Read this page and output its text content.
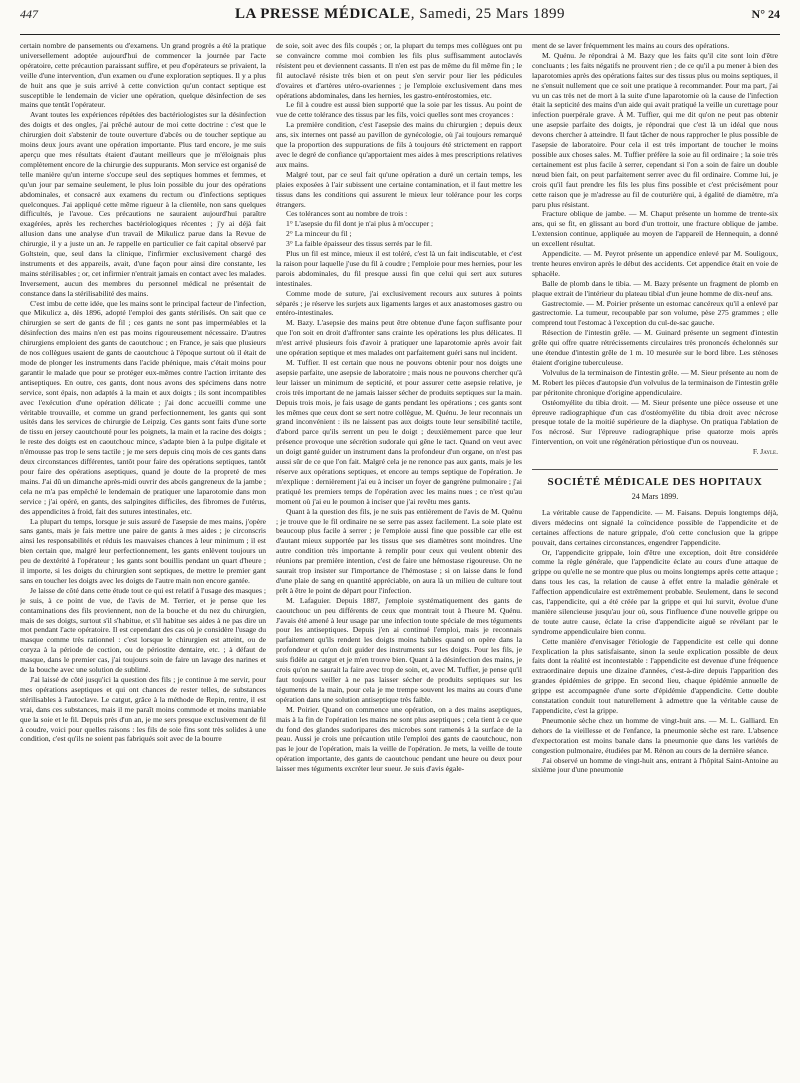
447	LA PRESSE MÉDICALE, Samedi, 25 Mars 1899	N° 24

certain nombre de pansements ou d'examens. Un grand progrès a été la pratique universellement adoptée aujourd'hui de commencer la journée par l'acte opératoire, cette précaution paraissant suffire, et peu d'opérateurs se privaient, la veille d'une intervention, d'un examen ou d'une exploration septiques. Il y a plus de huit ans que je suis arrivé à cette conviction qu'un contact septique est susceptible le lendemain de vicier une opération, quelque désinfection de ses mains que tentât l'opérateur.

Avant toutes les expériences répétées des bactériologistes sur la désinfection des doigts et des ongles, j'ai prêché autour de moi cette doctrine : c'est que le chirurgien doit s'abstenir de toute ouverture d'abcès ou de toucher septique au moins deux jours avant une opération importante. Plus tard encore, je me suis aperçu que mes résultats étaient d'autant meilleurs que je m'éloignais plus complètement encore de la chirurgie des suppurants. Mon service est organisé de telle manière qu'un interne s'occupe seul des septiques hommes et femmes, et qu'un jour par semaine seulement, le plus loin possible du jour des opérations abdominales, et consacré aux examens du rectum ou d'infections septiques quelconques. J'ai appliqué cette même rigueur à la clientèle, non sans quelques difficultés, je l'avoue. Ces précautions ne sauraient aujourd'hui paraître exagérées, après les recherches bactériologiques récentes ; j'y ai déjà fait allusion dans une analyse d'un travail de Mikulicz parue dans la Revue de chirurgie, il y a juste un an. Je rappelle en particulier ce fait capital observé par Goltstein, que, seul dans la clinique, l'infirmier exclusivement chargé des instruments et des appareils, avait, d'une façon pour ainsi dire constante, les mains stérilisables ; or, cet infirmier n'entrait jamais en contact avec les malades. Inversement, aucun des membres du personnel médical ne présentait de constance dans la stérilisabilité des mains.

C'est imbu de cette idée, que les mains sont le principal facteur de l'infection, que Mikulicz a, dès 1896, adopté l'emploi des gants stérilisés. On sait que ce chirurgien se sert de gants de fil ; ces gants ne sont pas imperméables et la désinfection des mains n'en est pas moins rigoureusement nécessaire. D'autres chirurgiens emploient des gants de caoutchouc ; en France, je sais que plusieurs de nos collègues usaient de gants de caoutchouc à l'époque surtout où il était de mode de plonger les instruments dans l'acide phénique, mais c'était moins pour garantir le malade que pour se protéger eux-mêmes contre l'action irritante des antiseptiques. En outre, ces gants, dont nous avons des spécimens dans notre service, sont épais, non adaptés à la main et aux doigts ; ils sont incompatibles avec l'exécution d'une opération délicate ; j'ai donc accueilli comme une véritable trouvaille, et comme un grand perfectionnement, les gants qui sont usités dans les services de chirurgie de Leipzig. Ces gants sont faits d'une sorte de tissu en jersey caoutchouté pour les poignets, la main et la racine des doigts ; le reste des doigts est en caoutchouc mince, s'adapte bien à la pulpe digitale et n'émousse pas trop le sens tactile ; je me sers depuis cinq mois de ces gants dans deux circonstances différentes, tantôt pour faire des opérations septiques, tantôt pour faire des opérations aseptiques, quand je doute de la propreté de mes mains. J'ai dû un dimanche après-midi ouvrir des abcès gangreneux de la jambe ; cela ne m'a pas empêché le lendemain de pratiquer une laparotomie dans mon service ; j'ai opéré, en gants, des salpingites difficiles, des fibromes de l'utérus, des appendicites à froid, fait des sutures intestinales, etc.

La plupart du temps, lorsque je suis assuré de l'asepsie de mes mains, j'opère sans gants, mais je fais mettre une paire de gants à mes aides ; je circonscris ainsi les responsabilités et réduis les mauvaises chances à leur minimum ; il est bien certain que, malgré leur perfectionnement, les gants enlèvent toujours un peu de dextérité à l'opérateur ; les gants sont bouillis pendant un quart d'heure ; il importe, si les doigts du chirurgien sont septiques, de mettre le premier gant sans en toucher les doigts avec les doigts de l'autre main non encore gantée.

Je laisse de côté dans cette étude tout ce qui est relatif à l'usage des masques ; je suis, à ce point de vue, de l'avis de M. Terrier, et je pense que les contaminations des fils proviennent, non de la bouche et du nez du chirurgien, mais de ses doigts, surtout s'il s'habitue, et s'il habitue ses aides à ne pas dire un mot pendant l'acte opératoire. Il est cependant des cas où je considère l'usage du masque comme très rationnel : c'est lorsque le chirurgien est atteint, ou de coryza à la période de coction, ou de périostite dentaire, etc. ; à défaut de masque, dans le premier cas, j'ai toujours soin de faire un lavage des narines et de la bouche avec une solution de sublimé.

J'ai laissé de côté jusqu'ici la question des fils ; je continue à me servir, pour mes opérations aseptiques et qui ont chances de rester telles, de substances stérilisables à l'autoclave. Le catgut, grâce à la méthode de Repin, rentre, il est vrai, dans ces substances, mais il me paraît moins commode et moins maniable que la soie et le fil. Depuis près d'un an, je me sers presque exclusivement de fil à coudre, voici pour quelles raisons : les fils de soie fins sont très solides à une condition, c'est qu'ils ne soient pas fabriqués soit avec de la bourre

de soie, soit avec des fils coupés ; or, la plupart du temps mes collègues ont pu se convaincre comme moi combien les fils plus suffisamment autoclavés résistent peu et deviennent cassants. Il n'en est pas de même du fil même fin ; le fil autoclavé résiste très bien et on peut s'en servir pour lier les pédicules d'ovaires et d'artères utéro-ovariennes ; je l'emploie exclusivement dans mes opérations abdominales, dans les hernies, les gastro-entérostomies, etc.

Le fil à coudre est aussi bien supporté que la soie par les tissus. Au point de vue de cette tolérance des tissus par les fils, voici quelles sont mes croyances :

La première condition, c'est l'asepsie des mains du chirurgien ; depuis deux ans, six internes ont passé au pavillon de gynécologie, où j'ai toujours remarqué que la proportion des suppurations de fils à toujours été strictement en rapport avec le degré de confiance qu'apportaient mes aides à mes prescriptions relatives aux mains.

Malgré tout, par ce seul fait qu'une opération a duré un certain temps, les plaies exposées à l'air subissent une certaine contamination, et il faut mettre les tissus dans les conditions qui assurent le mieux leur tolérance pour les corps étrangers.

Ces tolérances sont au nombre de trois :

1° L'asepsie du fil dont je n'ai plus à m'occuper ;

2° La minceur du fil ;

3° La faible épaisseur des tissus serrés par le fil.

Plus un fil est mince, mieux il est toléré, c'est là un fait indiscutable, et c'est la raison pour laquelle j'use du fil à coudre ; l'emploie pour mes hernies, pour les parois abdominales, du fil presque aussi fin que celui qui sert aux sutures intestinales.

Comme mode de suture, j'ai exclusivement recours aux sutures à points séparés ; je réserve les surjets aux ligaments larges et aux anastomoses gastro ou entéro-intestinales.

M. Bazy. L'asepsie des mains peut être obtenue d'une façon suffisante pour que l'on soit en droit d'affronter sans crainte les opérations les plus délicates. Il m'est arrivé plusieurs fois d'avoir à pratiquer une laparotomie après avoir fait une opération septique et mes malades ont parfaitement guéri sans nul incident.

M. Tuffier. Il est certain que nous ne pouvons obtenir pour nos doigts une asepsie parfaite, une asepsie de laboratoire ; mais nous ne pouvons chercher qu'à leur laisser un minimum de septicité, et pour assurer cette asepsie relative, je crois très important de ne jamais laisser sécher de produits septiques sur la main. Depuis trois mois, je fais usage de gants pendant les opérations ; ces gants sont les mêmes que ceux dont se sert notre collègue, M. Quénu. Je leur reconnais un grand inconvénient : ils ne laissent pas aux doigts toute leur sensibilité tactile, d'abord parce qu'ils serrent un peu le doigt ; deuxièmement parce que leur présence provoque une sécrétion sudorale qui gêne le tact. Quand on veut avec un doigt ganté guider un instrument dans la profondeur d'un organe, on n'est pas aussi sûr de ce que l'on fait. Malgré cela je ne renonce pas aux gants, mais je les réserve aux opérations septiques, et encore au temps septique de l'opération. Je m'explique : dernièrement j'ai eu à inciser un foyer de gangrène pulmonaire ; j'ai pratiqué les premiers temps de l'opération avec les mains nues ; ce n'est qu'au moment où j'ai eu le poumon à inciser que j'ai revêtu mes gants.

Quant à la question des fils, je ne suis pas entièrement de l'avis de M. Quénu ; je trouve que le fil ordinaire ne se serre pas assez facilement. La soie plate est beaucoup plus facile à serrer ; je l'emploie aussi fine que possible car elle est d'autant mieux supportée par les tissus que ses diamètres sont moindres. Une autre condition très importante à remplir pour ceux qui veulent obtenir des réunions par première intention, c'est de faire une hémostase rigoureuse. On ne saurait trop insister sur l'importance de l'hémostase ; si on laisse dans le fond d'une plaie de sang en quantité appréciable, on aura là un milieu de culture tout prêt à être le point de départ pour l'infection.

M. Lafaguier. Depuis 1887, j'emploie systématiquement des gants de caoutchouc un peu différents de ceux que montrait tout à l'heure M. Quénu. J'avais été amené à leur usage par une infection toute spéciale de mes téguments pour les antiseptiques. Depuis j'en ai continué l'emploi, mais je reconnais parfaitement qu'ils rendent les doigts moins habiles quand on opère dans la profondeur et qu'on doit guider des instruments sur les doigts. Pour les fils, je suis fidèle au catgut et je m'en trouve bien. Quant à la désinfection des mains, je crois qu'on ne saurait la faire avec trop de soin, et, avec M. Tuffier, je pense qu'il faut toujours veiller à ne pas laisser sécher de produits septiques sur les téguments de la main, pour cela je me trempe souvent les mains au cours d'une opération dans une solution antiseptique très faible.

M. Poirier. Quand on commence une opération, on a des mains aseptiques, mais à la fin de l'opération les mains ne sont plus aseptiques ; cela tient à ce que du fond des glandes sudoripares des microbes sont ramenés à la surface de la peau. Aussi je crois une précaution utile l'emploi des gants de caoutchouc, non pas le jour de l'opération, mais la veille de l'opération. Je mets, la veille de toute opération importante, des gants de caoutchouc pendant une heure ou deux pour laisser mes téguments excréter leur sueur. Je suis d'avis égale-

ment de se laver fréquemment les mains au cours des opérations.

M. Quénu. Je répondrai à M. Bazy que les faits qu'il cite sont loin d'être concluants ; les faits négatifs ne prouvent rien ; de ce qu'il a pu mener à bien des laparotomies après des opérations faites sur des tissus plus ou moins septiques, il ne s'ensuit nullement que ce soit une pratique à recommander. Pour ma part, j'ai vu un cas très net de mort à la suite d'une laparotomie où la cause de l'infection était la septicité des mains d'un aide qui avait pratiqué la veille un curettage pour infection puerpérale grave. À M. Tuffier, qui me dit qu'on ne peut pas obtenir une asepsie parfaite des doigts, je répondrai que c'est là un idéal que nous devons chercher à atteindre. Il faut tâcher de nous rapprocher le plus possible de l'asepsie de laboratoire. Pour cela il est très important de toucher le moins possible aux choses sales. M. Tuffier préfère la soie au fil ordinaire ; la soie très certainement est plus facile à serrer, cependant si l'on a soin de faire un double nœud bien fait, on peut parfaitement serrer avec du fil ordinaire. Comme lui, je crois qu'il faut prendre les fils les plus fins possible et c'est précisément pour cette raison que je m'adresse au fil de couturière qui, à égalité de diamètre, m'a paru plus résistant.

Fracture oblique de jambe. — M. Chaput présente un homme de trente-six ans, qui se fit, en glissant au bord d'un trottoir, une fracture oblique de jambe. L'extension continue, appliquée au moyen de l'appareil de Hennequin, a donné un excellent résultat.

Appendicite. — M. Peyrot présente un appendice enlevé par M. Souligoux, trente heures environ après le début des accidents. Cet appendice était en voie de sphacèle.

Balle de plomb dans le tibia. — M. Bazy présente un fragment de plomb en plaque extrait de l'intérieur du plateau tibial d'un jeune homme de dix-neuf ans.

Gastrectomie. — M. Poirier présente un estomac cancéreux qu'il a enlevé par gastrectomie. La tumeur, recoupable par son volume, pèse 275 grammes ; elle comprend tout l'estomac à l'exception du cul-de-sac gauche.

Résection de l'intestin grêle. — M. Guinard présente un segment d'intestin grêle qui offre quatre rétrécissements circulaires très prononcés échelonnés sur une étendue d'intestin grêle de 1 m. 10 mesurée sur le bord libre. Les sténoses étaient d'origine tuberculeuse.

Volvulus de la terminaison de l'intestin grêle. — M. Sieur présente au nom de M. Robert les pièces d'autopsie d'un volvulus de la terminaison de l'intestin grêle par péritonite chronique d'origine appendiculaire.

Ostéomyélite du tibia droit. — M. Sieur présente une pièce osseuse et une épreuve radiographique d'un cas d'ostéomyélite du tibia droit avec nécrose presque totale de la moitié supérieure de la diaphyse. On pratiqua l'ablation de l'os nécrosé. Sur l'épreuve radiographique prise quatorze mois après l'intervention, on voit une régénération périostique d'un os nouveau.

F. Jayle.

SOCIÉTÉ MÉDICALE DES HOPITAUX
24 Mars 1899.

La véritable cause de l'appendicite. — M. Faisans. Depuis longtemps déjà, divers médecins ont signalé la coïncidence possible de l'appendicite et de certaines affections de nature grippale, d'où cette conclusion que la grippe pouvait, dans certaines circonstances, engendrer l'appendicite.

Or, l'appendicite grippale, loin d'être une exception, doit être considérée comme la règle générale, que l'appendicite éclate au cours d'une attaque de grippe ou qu'elle ne se montre que plus ou moins longtemps après cette attaque ; dans tous les cas, la relation de cause à effet entre la maladie générale et l'affection appendiculaire est extrêmement probable. Seulement, dans le second cas, l'appendicite, qui a été créée par la grippe et qui lui survit, évolue d'une manière silencieuse jusqu'au jour où, sous l'influence d'une nouvelle grippe ou de toute autre cause, éclate la crise d'appendicite aiguë se révélant par le syndrome appendiculaire bien connu.

Cette manière d'envisager l'étiologie de l'appendicite est celle qui donne l'explication la plus satisfaisante, sinon la seule explication possible de deux faits dont la réalité est incontestable : l'appendicite est devenue d'une fréquence extraordinaire depuis une dizaine d'années, c'est-à-dire depuis l'apparition des grandes épidémies de grippe. En second lieu, chaque épidémie annuelle de grippe est accompagnée d'une sorte d'épidémie d'appendicite. Cette double constatation conduit tout naturellement à admettre que la véritable cause de l'appendicite, c'est la grippe.

Pneumonie sèche chez un homme de vingt-huit ans. — M. L. Galliard. En dehors de la vieillesse et de l'enfance, la pneumonie sèche est rare. L'absence d'expectoration est moins banale dans la pneumonie que dans les variétés de congestion pulmonaire, étudiées par M. Rénon au cours de la dernière séance.

J'ai observé un homme de vingt-huit ans, entrant à l'hôpital Saint-Antoine au sixième jour d'une pneumonie
